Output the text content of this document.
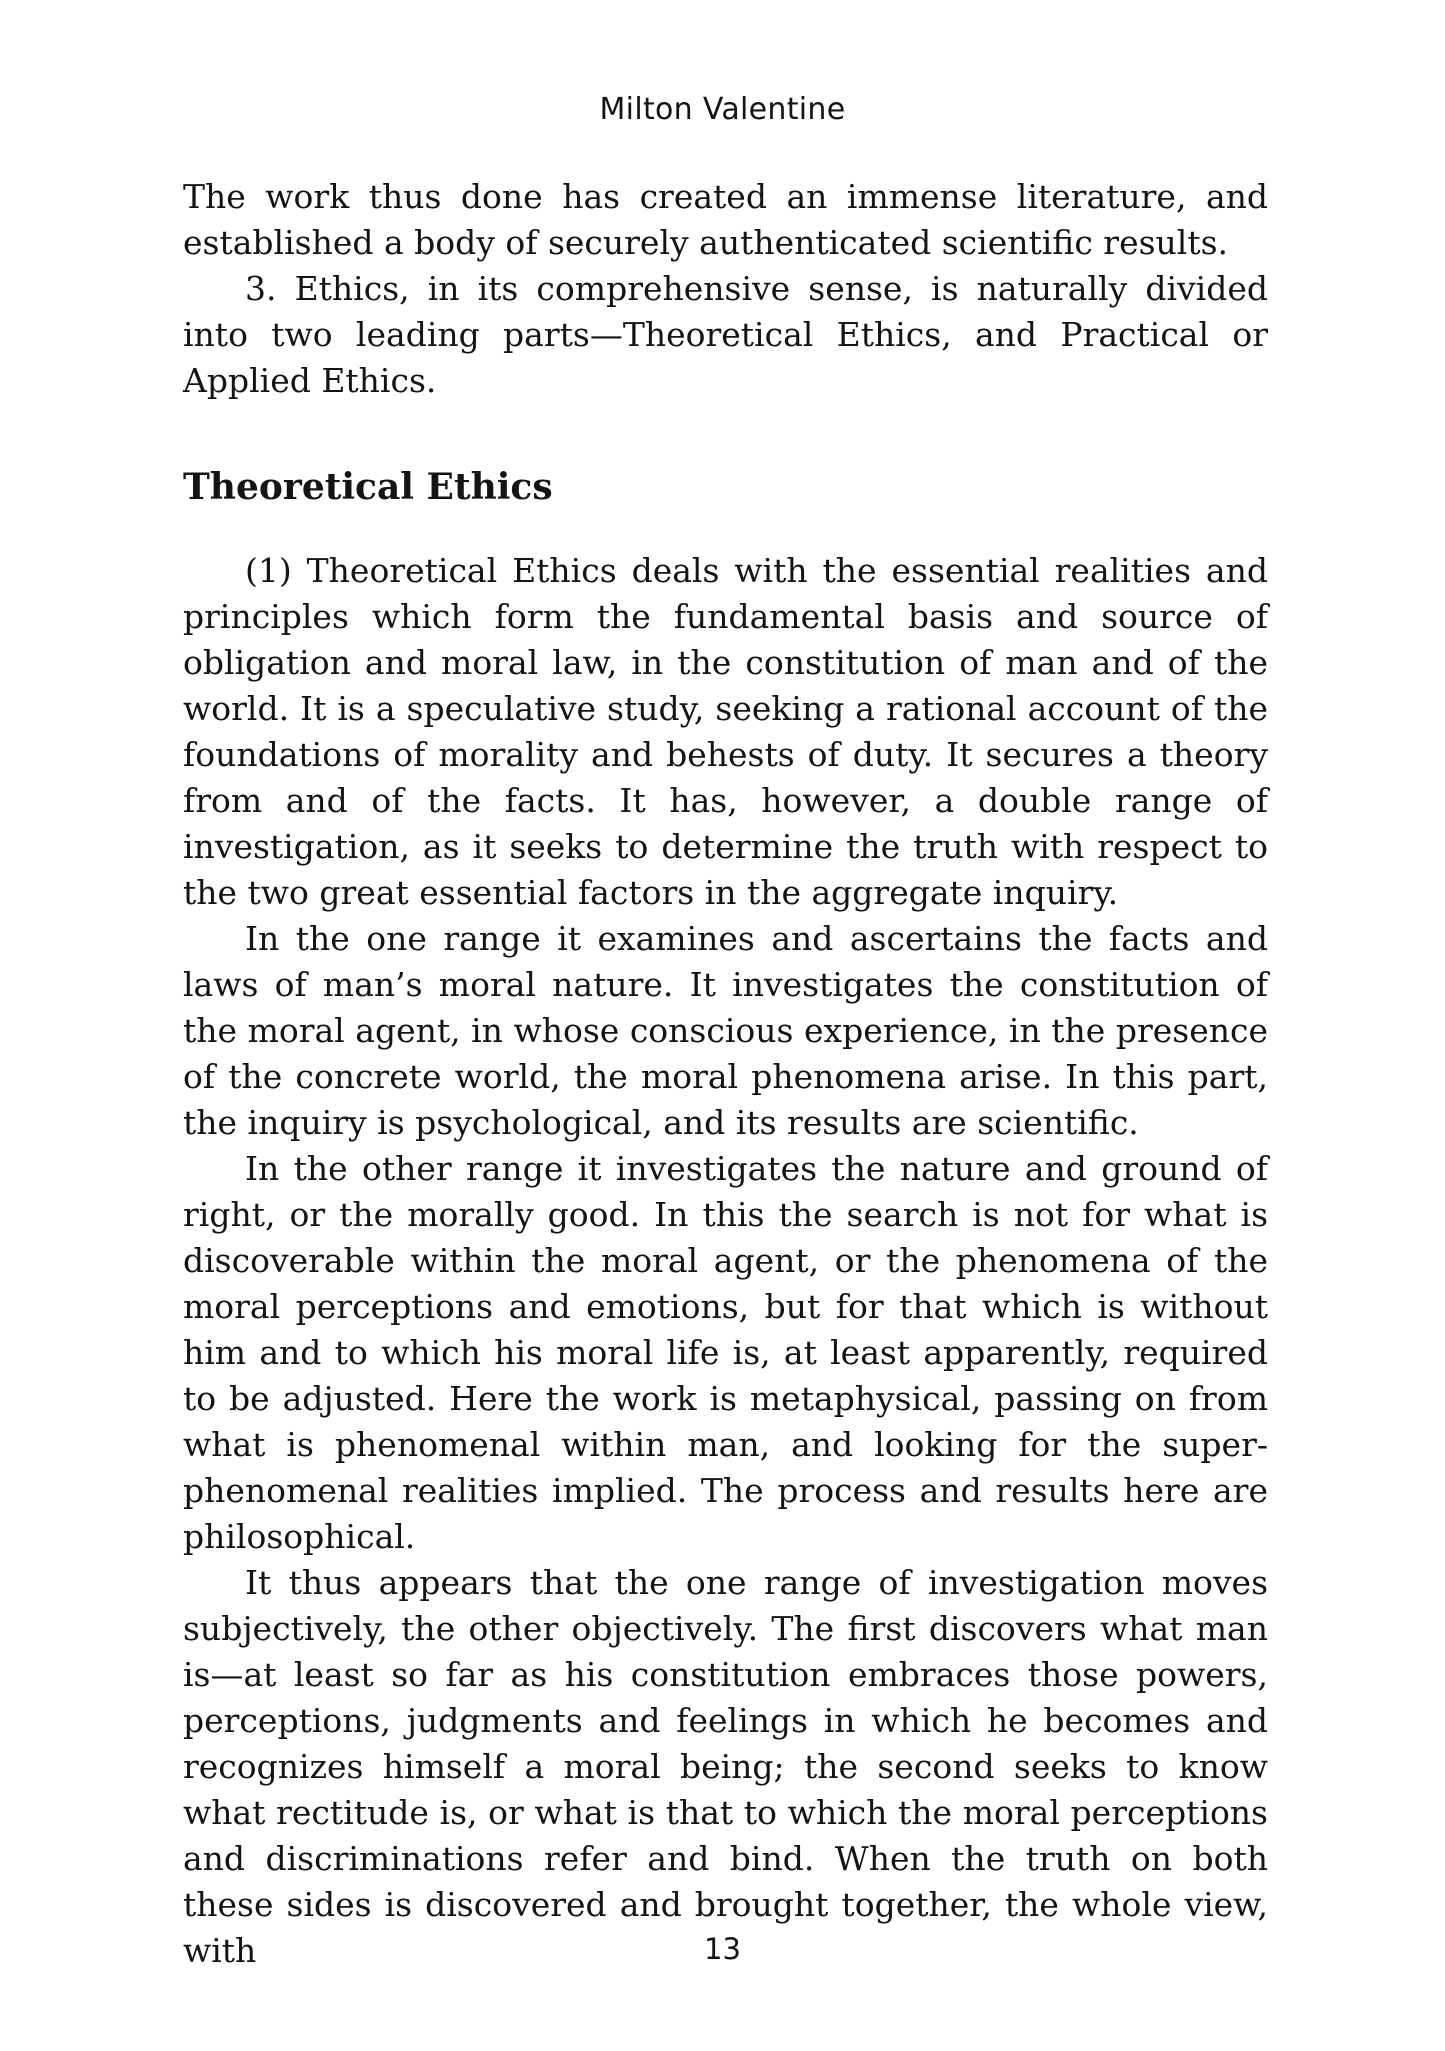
Milton Valentine

The work thus done has created an immense literature, and established a body of securely authenticated scientific results.

3. Ethics, in its comprehensive sense, is naturally divided into two leading parts—Theoretical Ethics, and Practical or Applied Ethics.

Theoretical Ethics

(1) Theoretical Ethics deals with the essential realities and principles which form the fundamental basis and source of obligation and moral law, in the constitution of man and of the world. It is a speculative study, seeking a rational account of the foundations of morality and behests of duty. It secures a theory from and of the facts. It has, however, a double range of investigation, as it seeks to determine the truth with respect to the two great essential factors in the aggregate inquiry.

In the one range it examines and ascertains the facts and laws of man’s moral nature. It investigates the constitution of the moral agent, in whose conscious experience, in the presence of the concrete world, the moral phenomena arise. In this part, the inquiry is psychological, and its results are scientific.

In the other range it investigates the nature and ground of right, or the morally good. In this the search is not for what is discoverable within the moral agent, or the phenomena of the moral perceptions and emotions, but for that which is without him and to which his moral life is, at least apparently, required to be adjusted. Here the work is metaphysical, passing on from what is phenomenal within man, and looking for the super-phenomenal realities implied. The process and results here are philosophical.

It thus appears that the one range of investigation moves subjectively, the other objectively. The first discovers what man is—at least so far as his constitution embraces those powers, perceptions, judgments and feelings in which he becomes and recognizes himself a moral being; the second seeks to know what rectitude is, or what is that to which the moral perceptions and discriminations refer and bind. When the truth on both these sides is discovered and brought together, the whole view, with	13
